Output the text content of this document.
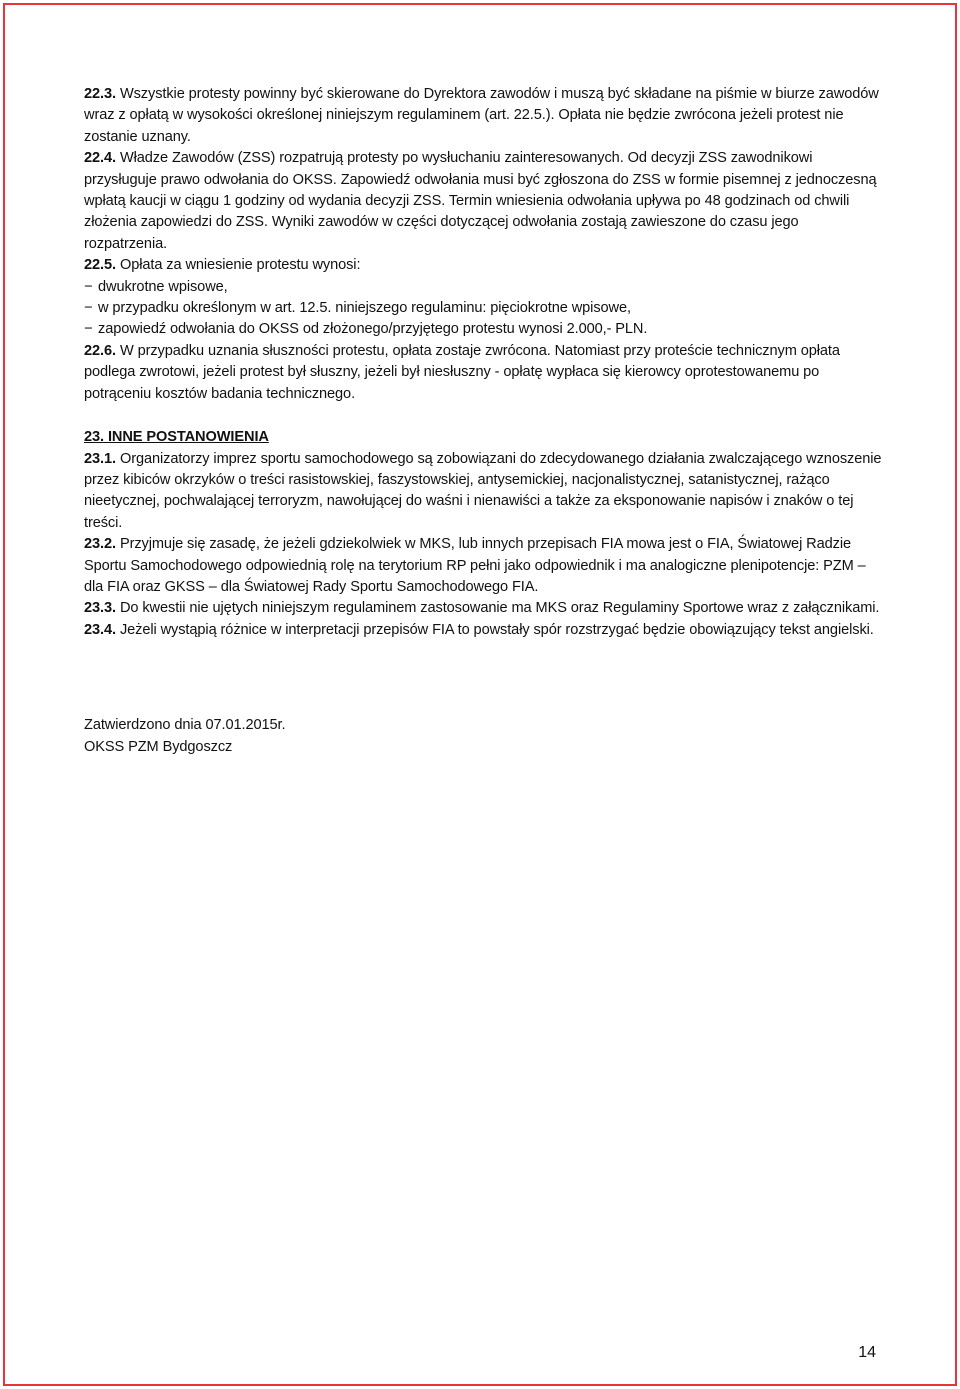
22.3. Wszystkie protesty powinny być skierowane do Dyrektora zawodów i muszą być składane na piśmie w biurze zawodów wraz z opłatą w wysokości określonej niniejszym regulaminem (art. 22.5.). Opłata nie będzie zwrócona jeżeli protest nie zostanie uznany.

22.4. Władze Zawodów (ZSS) rozpatrują protesty po wysłuchaniu zainteresowanych. Od decyzji ZSS zawodnikowi przysługuje prawo odwołania do OKSS. Zapowiedź odwołania musi być zgłoszona do ZSS w formie pisemnej z jednoczesną wpłatą kaucji w ciągu 1 godziny od wydania decyzji ZSS. Termin wniesienia odwołania upływa po 48 godzinach od chwili złożenia zapowiedzi do ZSS. Wyniki zawodów w części dotyczącej odwołania zostają zawieszone do czasu jego rozpatrzenia.

22.5. Opłata za wniesienie protestu wynosi:

− dwukrotne wpisowe,

− w przypadku określonym w art. 12.5. niniejszego regulaminu: pięciokrotne wpisowe,

− zapowiedź odwołania do OKSS od złożonego/przyjętego protestu wynosi 2.000,- PLN.

22.6. W przypadku uznania słuszności protestu, opłata zostaje zwrócona. Natomiast przy proteście technicznym opłata podlega zwrotowi, jeżeli protest był słuszny, jeżeli był niesłuszny - opłatę wypłaca się kierowcy oprotestowanemu po potrąceniu kosztów badania technicznego.

23. INNE POSTANOWIENIA

23.1. Organizatorzy imprez sportu samochodowego są zobowiązani do zdecydowanego działania zwalczającego wznoszenie przez kibiców okrzyków o treści rasistowskiej, faszystowskiej, antysemickiej, nacjonalistycznej, satanistycznej, rażąco nieetycznej, pochwalającej terroryzm, nawołującej do waśni i nienawiści a także za eksponowanie napisów i znaków o tej treści.

23.2. Przyjmuje się zasadę, że jeżeli gdziekolwiek w MKS, lub innych przepisach FIA mowa jest o FIA, Światowej Radzie Sportu Samochodowego odpowiednią rolę na terytorium RP pełni jako odpowiednik i ma analogiczne plenipotencje: PZM – dla FIA oraz GKSS – dla Światowej Rady Sportu Samochodowego FIA.

23.3. Do kwestii nie ujętych niniejszym regulaminem zastosowanie ma MKS oraz Regulaminy Sportowe wraz z załącznikami.

23.4. Jeżeli wystąpią różnice w interpretacji przepisów FIA to powstały spór rozstrzygać będzie obowiązujący tekst angielski.

Zatwierdzono dnia 07.01.2015r.

OKSS PZM Bydgoszcz

14
